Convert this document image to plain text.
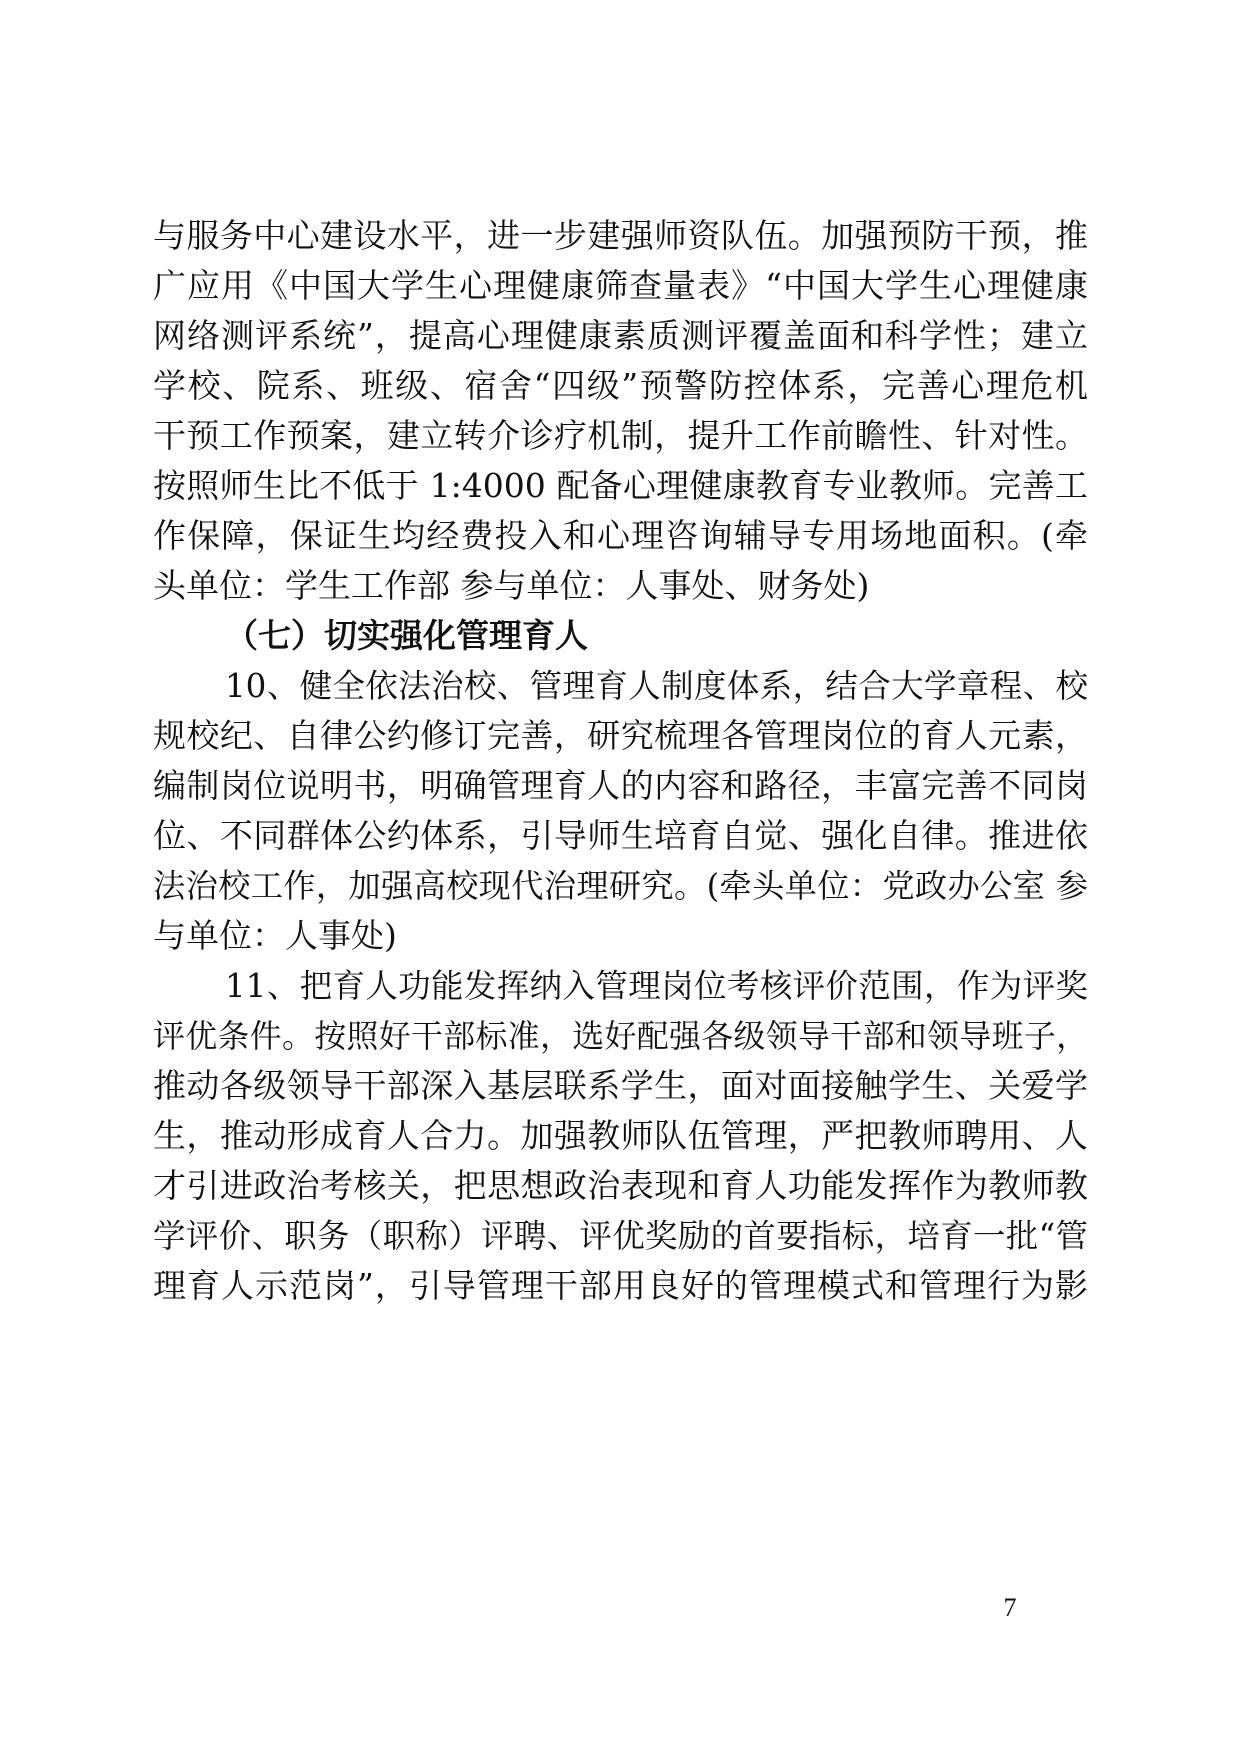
与服务中心建设水平，进一步建强师资队伍。加强预防干预，推
广应用《中国大学生心理健康筛查量表》“中国大学生心理健康
网络测评系统”，提高心理健康素质测评覆盖面和科学性；建立
学校、院系、班级、宿舍“四级”预警防控体系，完善心理危机
干预工作预案，建立转介诊疗机制，提升工作前瞻性、针对性。
按照师生比不低于 1:4000 配备心理健康教育专业教师。完善工
作保障，保证生均经费投入和心理咨询辅导专用场地面积。(牵
头单位：学生工作部 参与单位：人事处、财务处)
（七）切实强化管理育人
10、健全依法治校、管理育人制度体系，结合大学章程、校
规校纪、自律公约修订完善，研究梳理各管理岗位的育人元素，
编制岗位说明书，明确管理育人的内容和路径，丰富完善不同岗
位、不同群体公约体系，引导师生培育自觉、强化自律。推进依
法治校工作，加强高校现代治理研究。(牵头单位：党政办公室 参
与单位：人事处)
11、把育人功能发挥纳入管理岗位考核评价范围，作为评奖
评优条件。按照好干部标准，选好配强各级领导干部和领导班子，
推动各级领导干部深入基层联系学生，面对面接触学生、关爱学
生，推动形成育人合力。加强教师队伍管理，严把教师聘用、人
才引进政治考核关，把思想政治表现和育人功能发挥作为教师教
学评价、职务（职称）评聘、评优奖励的首要指标，培育一批“管
理育人示范岗”，引导管理干部用良好的管理模式和管理行为影
7
